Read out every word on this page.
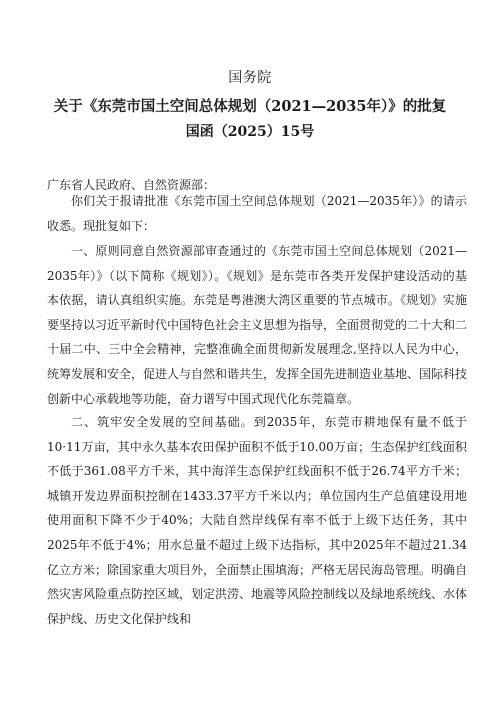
国务院
关于《东莞市国土空间总体规划（2021—2035年）》的批复
国函（2025）15号
广东省人民政府、自然资源部：

你们关于报请批准《东莞市国土空间总体规划（2021—2035年）》的请示收悉。现批复如下：

一、原则同意自然资源部审查通过的《东莞市国土空间总体规划（2021—2035年）》（以下简称《规划》）。《规划》是东莞市各类开发保护建设活动的基本依据，请认真组织实施。东莞是粤港澳大湾区重要的节点城市。《规划》实施要坚持以习近平新时代中国特色社会主义思想为指导，全面贯彻党的二十大和二十届二中、三中全会精神，完整准确全面贯彻新发展理念,坚持以人民为中心，统筹发展和安全，促进人与自然和谐共生，发挥全国先进制造业基地、国际科技创新中心承载地等功能，奋力谱写中国式现代化东莞篇章。

二、筑牢安全发展的空间基础。到2035年，东莞市耕地保有量不低于10·11万亩，其中永久基本农田保护面积不低于10.00万亩；生态保护红线面积不低于361.08平方千米，其中海洋生态保护红线面积不低于26.74平方千米；城镇开发边界面积控制在1433.37平方千米以内；单位国内生产总值建设用地使用面积下降不少于40%；大陆自然岸线保有率不低于上级下达任务，其中2025年不低于4%；用水总量不超过上级下达指标，其中2025年不超过21.34亿立方米；除国家重大项目外，全面禁止围填海；严格无居民海岛管理。明确自然灾害风险重点防控区域，划定洪涝、地震等风险控制线以及绿地系统线、水体保护线、历史文化保护线和
